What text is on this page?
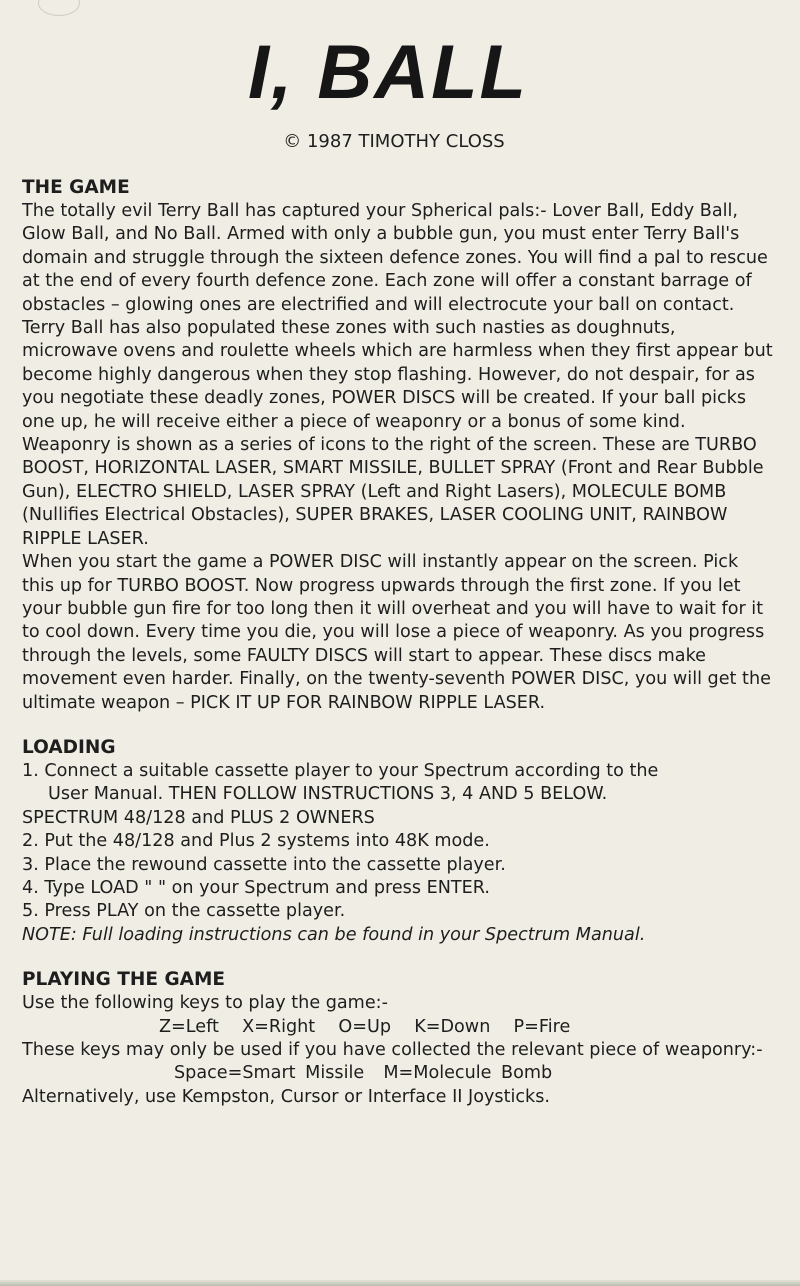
I, BALL
© 1987 TIMOTHY CLOSS
THE GAME

The totally evil Terry Ball has captured your Spherical pals:- Lover Ball, Eddy Ball, Glow Ball, and No Ball. Armed with only a bubble gun, you must enter Terry Ball's domain and struggle through the sixteen defence zones. You will find a pal to rescue at the end of every fourth defence zone. Each zone will offer a constant barrage of obstacles – glowing ones are electrified and will electrocute your ball on contact. Terry Ball has also populated these zones with such nasties as doughnuts, microwave ovens and roulette wheels which are harmless when they first appear but become highly dangerous when they stop flashing. However, do not despair, for as you negotiate these deadly zones, POWER DISCS will be created. If your ball picks one up, he will receive either a piece of weaponry or a bonus of some kind. Weaponry is shown as a series of icons to the right of the screen. These are TURBO BOOST, HORIZONTAL LASER, SMART MISSILE, BULLET SPRAY (Front and Rear Bubble Gun), ELECTRO SHIELD, LASER SPRAY (Left and Right Lasers), MOLECULE BOMB (Nullifies Electrical Obstacles), SUPER BRAKES, LASER COOLING UNIT, RAINBOW RIPPLE LASER.

When you start the game a POWER DISC will instantly appear on the screen. Pick this up for TURBO BOOST. Now progress upwards through the first zone. If you let your bubble gun fire for too long then it will overheat and you will have to wait for it to cool down. Every time you die, you will lose a piece of weaponry. As you progress through the levels, some FAULTY DISCS will start to appear. These discs make movement even harder. Finally, on the twenty-seventh POWER DISC, you will get the ultimate weapon – PICK IT UP FOR RAINBOW RIPPLE LASER.

LOADING
1. Connect a suitable cassette player to your Spectrum according to the
User Manual. THEN FOLLOW INSTRUCTIONS 3, 4 AND 5 BELOW.
SPECTRUM 48/128 and PLUS 2 OWNERS
2. Put the 48/128 and Plus 2 systems into 48K mode.
3. Place the rewound cassette into the cassette player.
4. Type LOAD " " on your Spectrum and press ENTER.
5. Press PLAY on the cassette player.
NOTE: Full loading instructions can be found in your Spectrum Manual.
PLAYING THE GAME
Use the following keys to play the game:-
Z=Left  X=Right  O=Up  K=Down  P=Fire
These keys may only be used if you have collected the relevant piece of weaponry:-
Space=Smart Missile  M=Molecule Bomb
Alternatively, use Kempston, Cursor or Interface II Joysticks.
